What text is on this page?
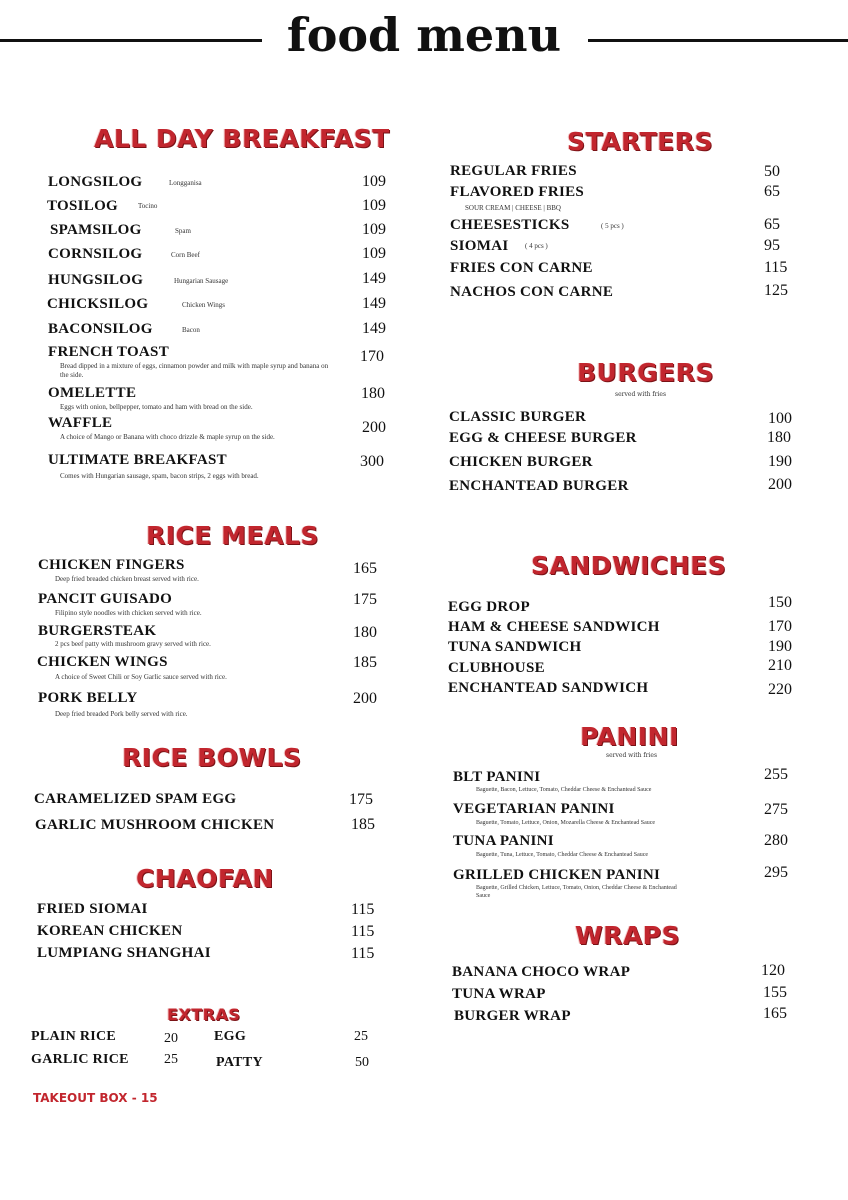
food menu
ALL DAY BREAKFAST
LONGSILOG	Longganisa	109
TOSILOG	Tocino	109
SPAMSILOG	Spam	109
CORNSILOG	Corn Beef	109
HUNGSILOG	Hungarian Sausage	149
CHICKSILOG	Chicken Wings	149
BACONSILOG	Bacon	149
FRENCH TOAST
Bread dipped in a mixture of eggs, cinnamon powder and milk with maple syrup and banana on the side.
170
OMELETTE
Eggs with onion, bellpepper, tomato and ham with bread on the side.
180
WAFFLE
A choice of Mango or Banana with choco drizzle & maple syrup on the side.
200
ULTIMATE BREAKFAST
Comes with Hungarian sausage, spam, bacon strips, 2 eggs with bread.
300
RICE MEALS
CHICKEN FINGERS
Deep fried breaded chicken breast served with rice.
165
PANCIT GUISADO
Filipino style noodles with chicken served with rice.
175
BURGERSTEAK
2 pcs beef patty with mushroom gravy served with rice.
180
CHICKEN WINGS
A choice of Sweet Chili or Soy Garlic sauce served with rice.
185
PORK BELLY
Deep fried breaded Pork belly served with rice.
200
RICE BOWLS
CARAMELIZED SPAM EGG	175
GARLIC MUSHROOM CHICKEN	185
CHAOFAN
FRIED SIOMAI	115
KOREAN CHICKEN	115
LUMPIANG SHANGHAI	115
EXTRAS
PLAIN RICE	20
GARLIC RICE	25
EGG	25
PATTY	50
TAKEOUT BOX - 15
STARTERS
REGULAR FRIES	50
FLAVORED FRIES
SOUR CREAM | CHEESE | BBQ
65
CHEESESTICKS	( 5 pcs )	65
SIOMAI ( 4 pcs )	95
FRIES CON CARNE	115
NACHOS CON CARNE	125
BURGERS
served with fries
CLASSIC BURGER	100
EGG & CHEESE BURGER	180
CHICKEN BURGER	190
ENCHANTEAD BURGER	200
SANDWICHES
EGG DROP	150
HAM & CHEESE SANDWICH	170
TUNA SANDWICH	190
CLUBHOUSE	210
ENCHANTEAD SANDWICH	220
PANINI
served with fries
BLT PANINI
Baguette, Bacon, Lettuce, Tomato, Cheddar Cheese & Enchantead Sauce
255
VEGETARIAN PANINI
Baguette, Tomato, Lettuce, Onion, Mozarella Cheese & Enchantead Sauce
275
TUNA PANINI
Baguette, Tuna, Lettuce, Tomato, Cheddar Cheese & Enchantead Sauce
280
GRILLED CHICKEN PANINI
Baguette, Grilled Chicken, Lettuce, Tomato, Onion, Cheddar Cheese & Enchantead Sauce
295
WRAPS
BANANA CHOCO WRAP	120
TUNA WRAP	155
BURGER WRAP	165
